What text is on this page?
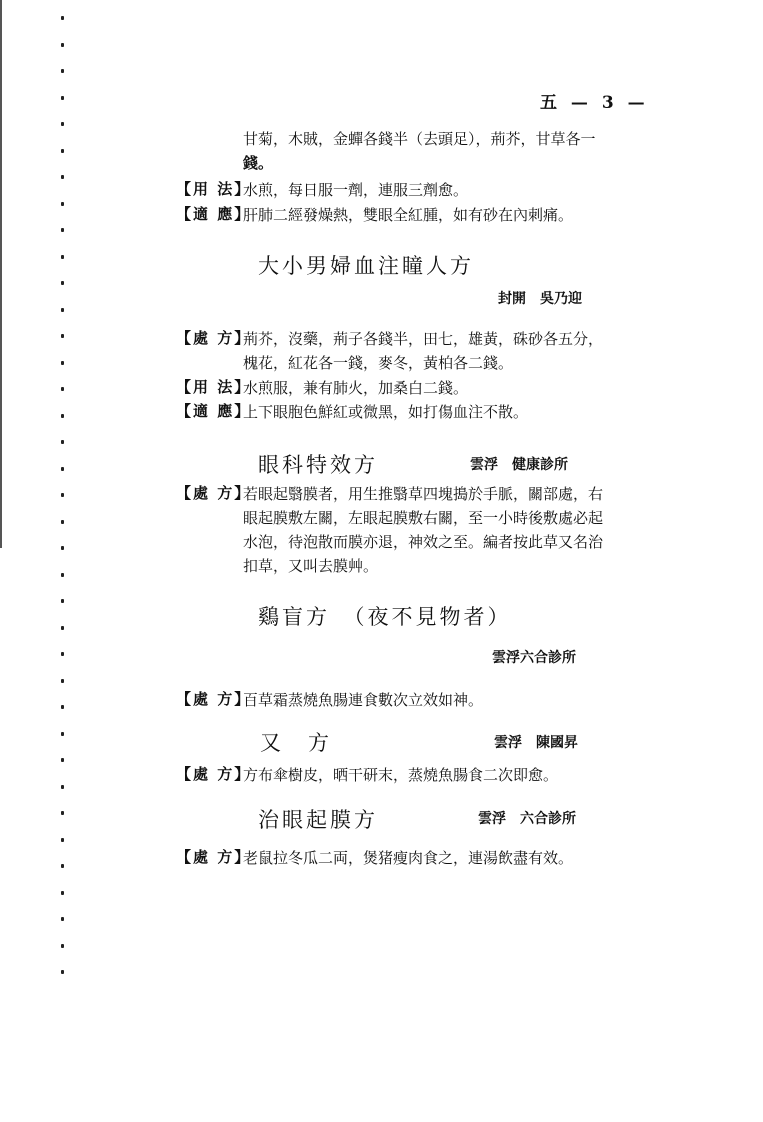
五 — 3 —
甘菊，木賊，金蟬各錢半（去頭足），荊芥，甘草各一
錢。
【用 法】
水煎，每日服一劑，連服三劑愈。
【適 應】
肝肺二經發燥熱，雙眼全紅腫，如有砂在內刺痛。
大小男婦血注瞳人方
封開　吳乃迎
【處 方】
荊芥，沒藥，荊子各錢半，田七，雄黃，硃砂各五分，
槐花，紅花各一錢，麥冬，黃柏各二錢。
【用 法】
水煎服，兼有肺火，加桑白二錢。
【適 應】
上下眼胞色鮮紅或微黑，如打傷血注不散。
眼科特效方	雲浮　健康診所
【處 方】
若眼起翳膜者，用生推翳草四塊搗於手脈，關部處，右
眼起膜敷左關，左眼起膜敷右關，至一小時後敷處必起
水泡，待泡散而膜亦退，神效之至。編者按此草又名治
扣草，又叫去膜艸。
鷄盲方　（夜不見物者）
雲浮六合診所
【處 方】
百草霜蒸燒魚腸連食數次立效如神。
又　方	雲浮　陳國昇
【處 方】
方布傘樹皮，晒干研末，蒸燒魚腸食二次即愈。
治眼起膜方	雲浮　六合診所
【處 方】
老鼠拉冬瓜二両，煲猪瘦肉食之，連湯飲盡有效。
